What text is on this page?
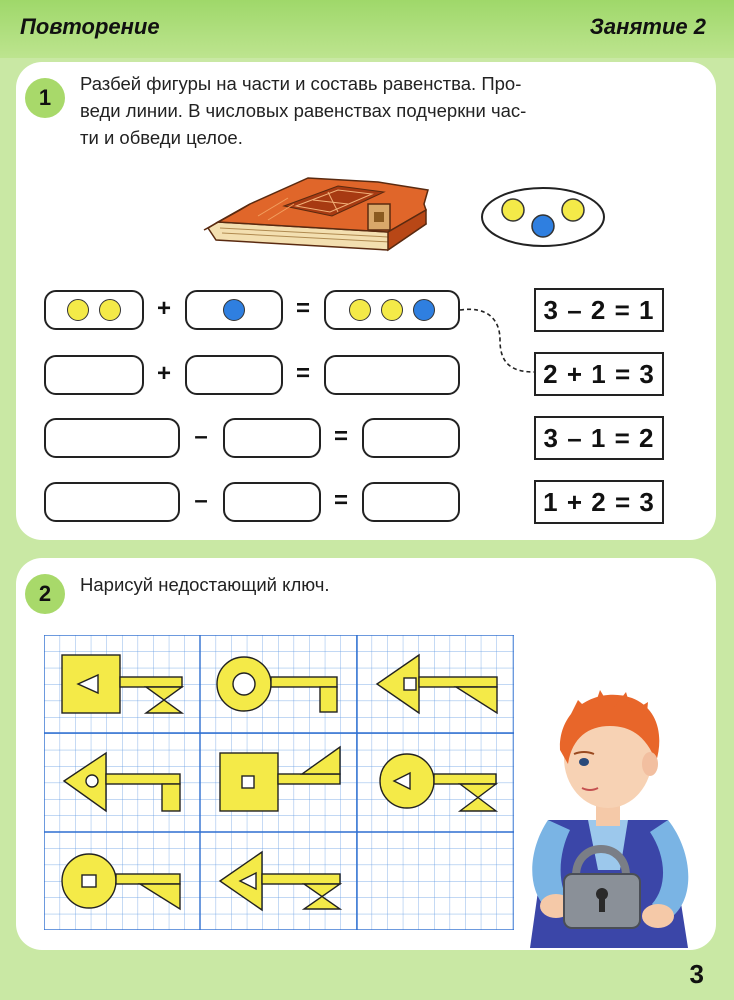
Повторение	Занятие 2
1
Разбей фигуры на части и составь равенства. Про-
веди линии. В числовых равенствах подчеркни час-
ти и обведи целое.
+	=
+	=
–	=
–	=
3 – 2 = 1
2 + 1 = 3
3 – 1 = 2
1 + 2 = 3
2	Нарисуй недостающий ключ.
3
